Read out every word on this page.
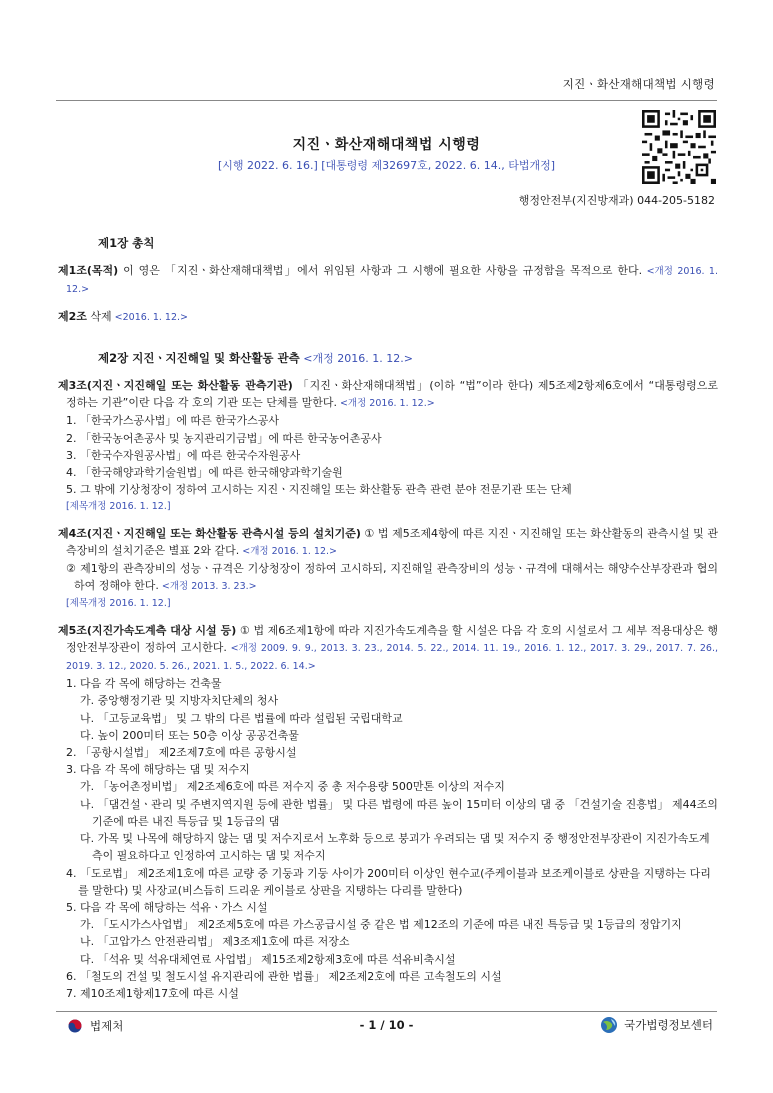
지진ㆍ화산재해대책법 시행령
지진ㆍ화산재해대책법 시행령
[시행 2022. 6. 16.] [대통령령 제32697호, 2022. 6. 14., 타법개정]
행정안전부(지진방재과) 044-205-5182

제1장 총칙

제1조(목적) 이 영은 「지진ㆍ화산재해대책법」에서 위임된 사항과 그 시행에 필요한 사항을 규정함을 목적으로 한다. <개정 2016. 1. 12.>

제2조 삭제 <2016. 1. 12.>

제2장 지진ㆍ지진해일 및 화산활동 관측 <개정 2016. 1. 12.>

제3조(지진ㆍ지진해일 또는 화산활동 관측기관) 「지진ㆍ화산재해대책법」(이하 “법”이라 한다) 제5조제2항제6호에서 “대통령령으로 정하는 기관”이란 다음 각 호의 기관 또는 단체를 말한다. <개정 2016. 1. 12.>

1. 「한국가스공사법」에 따른 한국가스공사

2. 「한국농어촌공사 및 농지관리기금법」에 따른 한국농어촌공사

3. 「한국수자원공사법」에 따른 한국수자원공사

4. 「한국해양과학기술원법」에 따른 한국해양과학기술원

5. 그 밖에 기상청장이 정하여 고시하는 지진ㆍ지진해일 또는 화산활동 관측 관련 분야 전문기관 또는 단체

[제목개정 2016. 1. 12.]

제4조(지진ㆍ지진해일 또는 화산활동 관측시설 등의 설치기준) ① 법 제5조제4항에 따른 지진ㆍ지진해일 또는 화산활동의 관측시설 및 관측장비의 설치기준은 별표 2와 같다. <개정 2016. 1. 12.>

② 제1항의 관측장비의 성능ㆍ규격은 기상청장이 정하여 고시하되, 지진해일 관측장비의 성능ㆍ규격에 대해서는 해양수산부장관과 협의하여 정해야 한다. <개정 2013. 3. 23.>

[제목개정 2016. 1. 12.]

제5조(지진가속도계측 대상 시설 등) ① 법 제6조제1항에 따라 지진가속도계측을 할 시설은 다음 각 호의 시설로서 그 세부 적용대상은 행정안전부장관이 정하여 고시한다. <개정 2009. 9. 9., 2013. 3. 23., 2014. 5. 22., 2014. 11. 19., 2016. 1. 12., 2017. 3. 29., 2017. 7. 26., 2019. 3. 12., 2020. 5. 26., 2021. 1. 5., 2022. 6. 14.>

1. 다음 각 목에 해당하는 건축물

가. 중앙행정기관 및 지방자치단체의 청사

나. 「고등교육법」 및 그 밖의 다른 법률에 따라 설립된 국립대학교

다. 높이 200미터 또는 50층 이상 공공건축물

2. 「공항시설법」 제2조제7호에 따른 공항시설

3. 다음 각 목에 해당하는 댐 및 저수지

가. 「농어촌정비법」 제2조제6호에 따른 저수지 중 총 저수용량 500만톤 이상의 저수지

나. 「댐건설ㆍ관리 및 주변지역지원 등에 관한 법률」 및 다른 법령에 따른 높이 15미터 이상의 댐 중 「건설기술 진흥법」 제44조의 기준에 따른 내진 특등급 및 1등급의 댐

다. 가목 및 나목에 해당하지 않는 댐 및 저수지로서 노후화 등으로 붕괴가 우려되는 댐 및 저수지 중 행정안전부장관이 지진가속도계측이 필요하다고 인정하여 고시하는 댐 및 저수지

4. 「도로법」 제2조제1호에 따른 교량 중 기둥과 기둥 사이가 200미터 이상인 현수교(주케이블과 보조케이블로 상판을 지탱하는 다리를 말한다) 및 사장교(비스듬히 드리운 케이블로 상판을 지탱하는 다리를 말한다)

5. 다음 각 목에 해당하는 석유ㆍ가스 시설

가. 「도시가스사업법」 제2조제5호에 따른 가스공급시설 중 같은 법 제12조의 기준에 따른 내진 특등급 및 1등급의 정압기지

나. 「고압가스 안전관리법」 제3조제1호에 따른 저장소

다. 「석유 및 석유대체연료 사업법」 제15조제2항제3호에 따른 석유비축시설

6. 「철도의 건설 및 철도시설 유지관리에 관한 법률」 제2조제2호에 따른 고속철도의 시설

7. 제10조제1항제17호에 따른 시설

법제처	- 1 / 10 -	국가법령정보센터
